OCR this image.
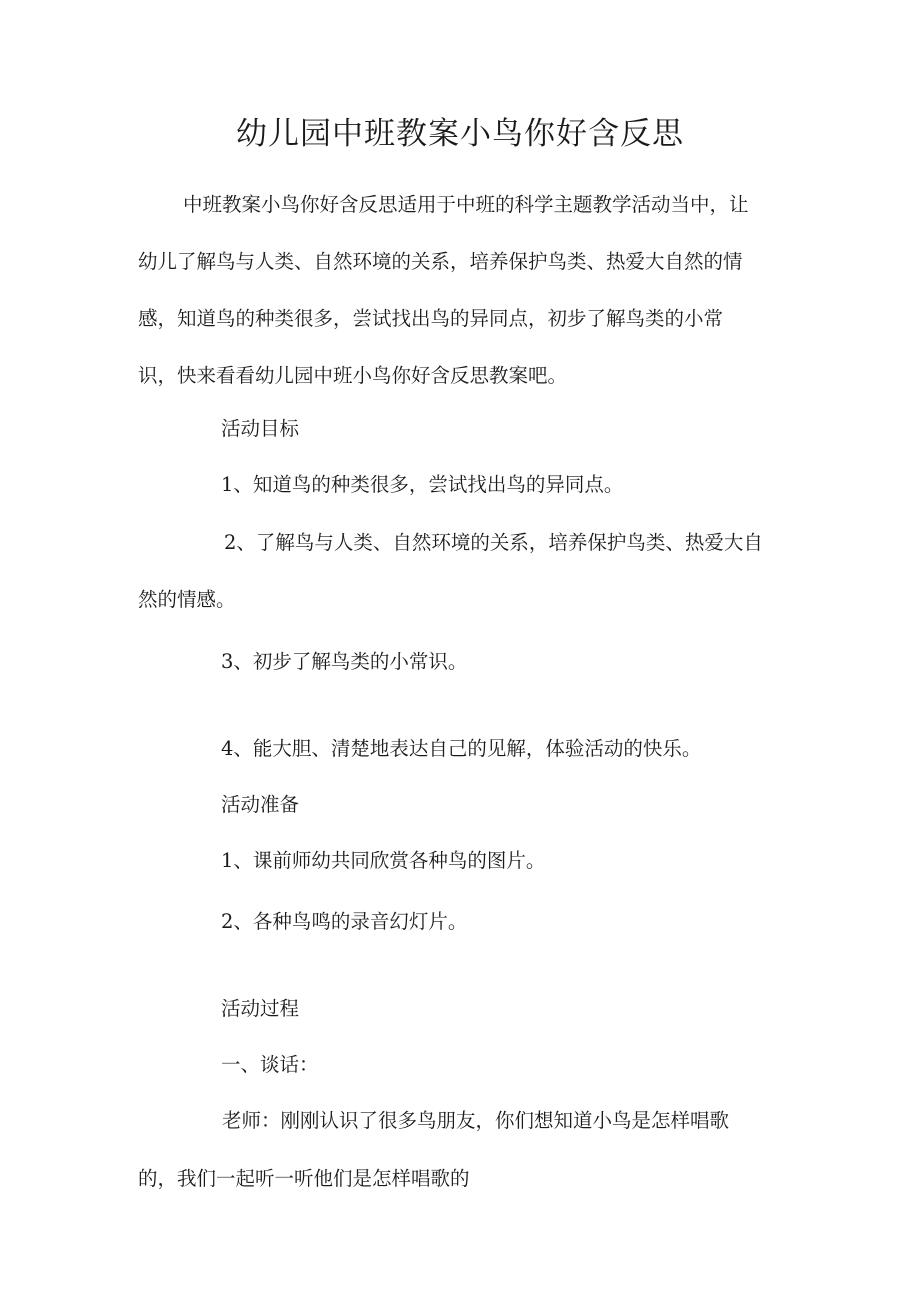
幼儿园中班教案小鸟你好含反思
中班教案小鸟你好含反思适用于中班的科学主题教学活动当中，让
幼儿了解鸟与人类、自然环境的关系，培养保护鸟类、热爱大自然的情
感，知道鸟的种类很多，尝试找出鸟的异同点，初步了解鸟类的小常
识，快来看看幼儿园中班小鸟你好含反思教案吧。

活动目标

1、知道鸟的种类很多，尝试找出鸟的异同点。

2、了解鸟与人类、自然环境的关系，培养保护鸟类、热爱大自
然的情感。

3、初步了解鸟类的小常识。

4、能大胆、清楚地表达自己的见解，体验活动的快乐。

活动准备

1、课前师幼共同欣赏各种鸟的图片。

2、各种鸟鸣的录音幻灯片。

活动过程

一、谈话：

老师：刚刚认识了很多鸟朋友，你们想知道小鸟是怎样唱歌
的，我们一起听一听他们是怎样唱歌的
